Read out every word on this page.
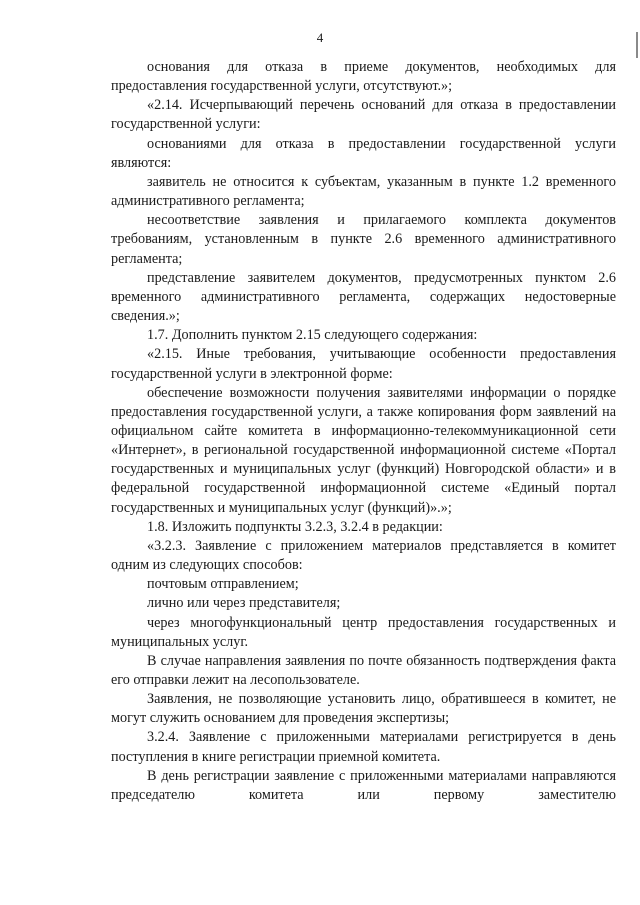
4

основания для отказа в приеме документов, необходимых для предоставления государственной услуги, отсутствуют.»;

«2.14. Исчерпывающий перечень оснований для отказа в предоставлении государственной услуги:

основаниями для отказа в предоставлении государственной услуги являются:

заявитель не относится к субъектам, указанным в пункте 1.2 временного административного регламента;

несоответствие заявления и прилагаемого комплекта документов требованиям, установленным в пункте 2.6 временного административного регламента;

представление заявителем документов, предусмотренных пунктом 2.6 временного административного регламента, содержащих недостоверные сведения.»;

1.7. Дополнить пунктом 2.15 следующего содержания:

«2.15. Иные требования, учитывающие особенности предоставления государственной услуги в электронной форме:

обеспечение возможности получения заявителями информации о порядке предоставления государственной услуги, а также копирования форм заявлений на официальном сайте комитета в информационно-телекоммуникационной сети «Интернет», в региональной государственной информационной системе «Портал государственных и муниципальных услуг (функций) Новгородской области» и в федеральной государственной информационной системе «Единый портал государственных и муниципальных услуг (функций)».»;

1.8. Изложить подпункты 3.2.3, 3.2.4 в редакции:

«3.2.3. Заявление с приложением материалов представляется в комитет одним из следующих способов:

почтовым отправлением;

лично или через представителя;

через многофункциональный центр предоставления государственных и муниципальных услуг.

В случае направления заявления по почте обязанность подтверждения факта его отправки лежит на лесопользователе.

Заявления, не позволяющие установить лицо, обратившееся в комитет, не могут служить основанием для проведения экспертизы;

3.2.4. Заявление с приложенными материалами регистрируется в день поступления в книге регистрации приемной комитета.

В день регистрации заявление с приложенными материалами направляются председателю комитета или первому заместителю
